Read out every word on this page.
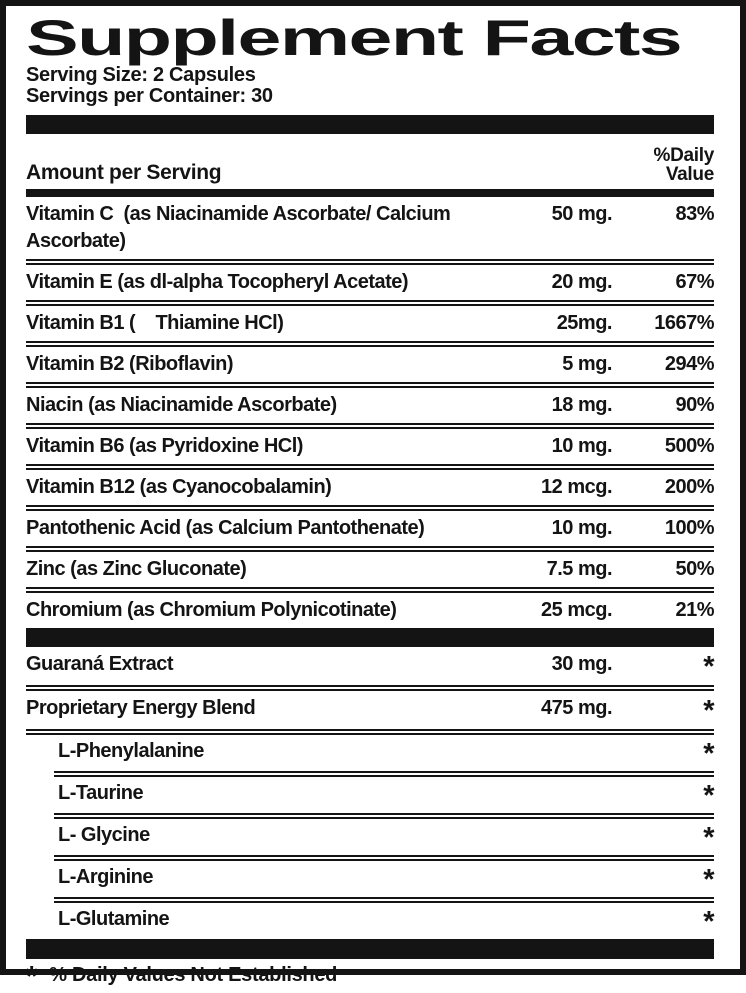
Supplement Facts
Serving Size: 2 Capsules
Servings per Container: 30
Amount per Serving
%Daily
Value
Vitamin C  (as Niacinamide Ascorbate/ Calcium Ascorbate)
50 mg.	83%
Vitamin E (as dl-alpha Tocopheryl Acetate)	20 mg.	67%
Vitamin B1 (    Thiamine HCl)	25mg.	1667%
Vitamin B2 (Riboflavin)	5 mg.	294%
Niacin (as Niacinamide Ascorbate)	18 mg.	90%
Vitamin B6 (as Pyridoxine HCl)	10 mg.	500%
Vitamin B12 (as Cyanocobalamin)	12 mcg.	200%
Pantothenic Acid (as Calcium Pantothenate)	10 mg.	100%
Zinc (as Zinc Gluconate)	7.5 mg.	50%
Chromium (as Chromium Polynicotinate)	25 mcg.	21%
Guaraná Extract	30 mg.	*
Proprietary Energy Blend	475 mg.	*
L-Phenylalanine	*
L-Taurine	*
L- Glycine	*
L-Arginine	*
L-Glutamine	*
* % Daily Values Not Established
